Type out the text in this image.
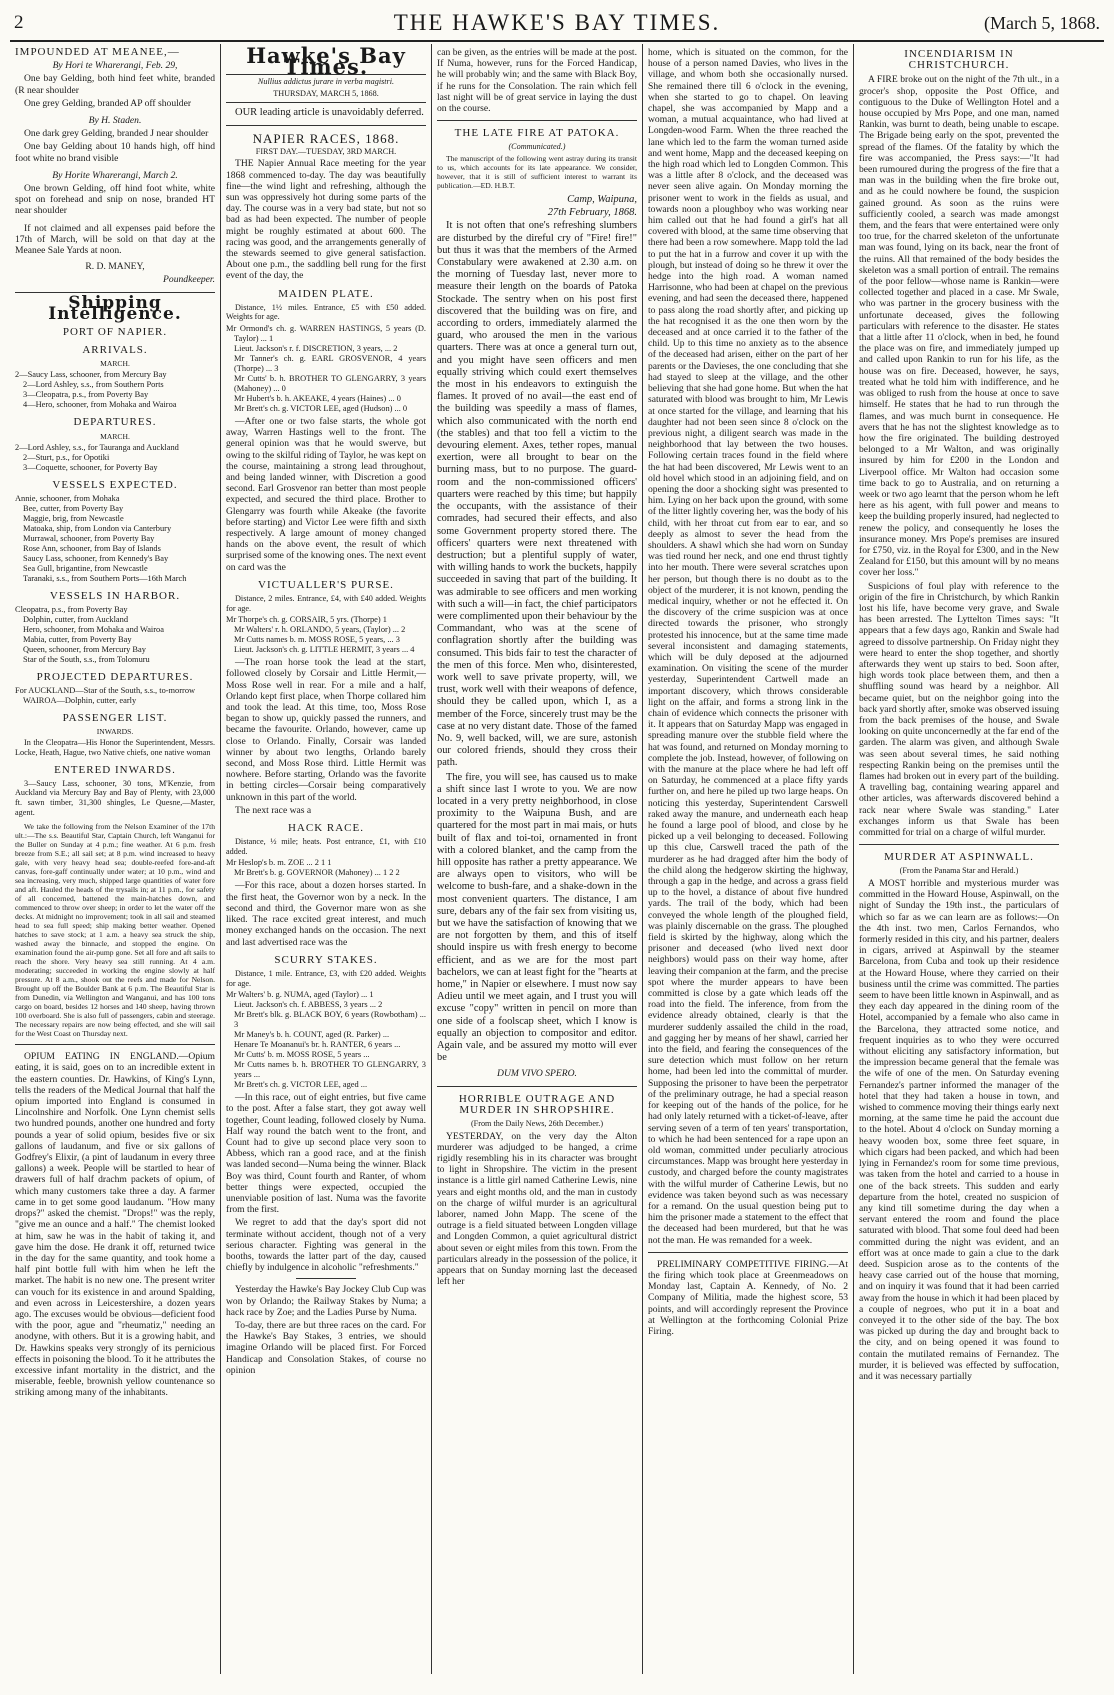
2	THE HAWKE'S BAY TIMES.	(March 5, 1868.

IMPOUNDED AT MEANEE,—

By Hori te Wharerangi, Feb. 29,

One bay Gelding, both hind feet white, branded (R near shoulder

One grey Gelding, branded AP off shoulder

By H. Staden.

One dark grey Gelding, branded J near shoulder

One bay Gelding about 10 hands high, off hind foot white no brand visible

By Horite Wharerangi, March 2.

One brown Gelding, off hind foot white, white spot on forehead and snip on nose, branded HT near shoulder

If not claimed and all expenses paid before the 17th of March, will be sold on that day at the Meanee Sale Yards at noon.

R. D. MANEY,

Poundkeeper.

Shipping Intelligence.
PORT OF NAPIER.
ARRIVALS.

MARCH.

2—Saucy Lass, schooner, from Mercury Bay
2—Lord Ashley, s.s., from Southern Ports
3—Cleopatra, p.s., from Poverty Bay
4—Hero, schooner, from Mohaka and Wairoa

DEPARTURES.

MARCH.

2—Lord Ashley, s.s., for Tauranga and Auckland
2—Sturt, p.s., for Opotiki
3—Coquette, schooner, for Poverty Bay

VESSELS EXPECTED.

Annie, schooner, from Mohaka
Bee, cutter, from Poverty Bay
Maggie, brig, from Newcastle
Matoaka, ship, from London via Canterbury
Murrawal, schooner, from Poverty Bay
Rose Ann, schooner, from Bay of Islands
Saucy Lass, schooner, from Kennedy's Bay
Sea Gull, brigantine, from Newcastle
Taranaki, s.s., from Southern Ports—16th March

VESSELS IN HARBOR.

Cleopatra, p.s., from Poverty Bay
Dolphin, cutter, from Auckland
Hero, schooner, from Mohaka and Wairoa
Mabia, cutter, from Poverty Bay
Queen, schooner, from Mercury Bay
Star of the South, s.s., from Tolomuru

PROJECTED DEPARTURES.

For AUCKLAND—Star of the South, s.s., to-morrow
WAIROA—Dolphin, cutter, early

PASSENGER LIST.

INWARDS.

In the Cleopatra—His Honor the Superintendent, Messrs. Locke, Heath, Hague, two Native chiefs, one native woman

ENTERED INWARDS.

3—Saucy Lass, schooner, 30 tons, M'Kenzie, from Auckland via Mercury Bay and Bay of Plenty, with 23,000 ft. sawn timber, 31,300 shingles, Le Quesne,—Master, agent.

We take the following from the Nelson Examiner of the 17th ult.:—The s.s. Beautiful Star, Captain Church, left Wanganui for the Buller on Sunday at 4 p.m.; fine weather. At 6 p.m. fresh breeze from S.E.; all sail set; at 8 p.m. wind increased to heavy gale, with very heavy head sea; double-reefed fore-and-aft canvas, fore-gaff continually under water; at 10 p.m., wind and sea increasing, very much, shipped large quantities of water fore and aft. Hauled the heads of the trysails in; at 11 p.m., for safety of all concerned, battened the main-hatches down, and commenced to throw over sheep; in order to let the water off the decks. At midnight no improvement; took in all sail and steamed head to sea full speed; ship making better weather. Opened hatches to save stock; at 1 a.m. a heavy sea struck the ship, washed away the binnacle, and stopped the engine. On examination found the air-pump gone. Set all fore and aft sails to reach the shore. Very heavy sea still running. At 4 a.m. moderating; succeeded in working the engine slowly at half pressure. At 8 a.m., shook out the reefs and made for Nelson. Brought up off the Boulder Bank at 6 p.m. The Beautiful Star is from Dunedin, via Wellington and Wanganui, and has 100 tons cargo on board, besides 12 horses and 140 sheep, having thrown 100 overboard. She is also full of passengers, cabin and steerage. The necessary repairs are now being effected, and she will sail for the West Coast on Thursday next.

OPIUM EATING IN ENGLAND.—Opium eating, it is said, goes on to an incredible extent in the eastern counties. Dr. Hawkins, of King's Lynn, tells the readers of the Medical Journal that half the opium imported into England is consumed in Lincolnshire and Norfolk. One Lynn chemist sells two hundred pounds, another one hundred and forty pounds a year of solid opium, besides five or six gallons of laudanum, and five or six gallons of Godfrey's Elixir, (a pint of laudanum in every three gallons) a week. People will be startled to hear of drawers full of half drachm packets of opium, of which many customers take three a day. A farmer came in to get some good laudanum. "How many drops?" asked the chemist. "Drops!" was the reply, "give me an ounce and a half." The chemist looked at him, saw he was in the habit of taking it, and gave him the dose. He drank it off, returned twice in the day for the same quantity, and took home a half pint bottle full with him when he left the market. The habit is no new one. The present writer can vouch for its existence in and around Spalding, and even across in Leicestershire, a dozen years ago. The excuses would be obvious—deficient food with the poor, ague and "rheumatiz," needing an anodyne, with others. But it is a growing habit, and Dr. Hawkins speaks very strongly of its pernicious effects in poisoning the blood. To it he attributes the excessive infant mortality in the district, and the miserable, feeble, brownish yellow countenance so striking among many of the inhabitants.

Hawke's Bay Times.

Nullius addictus jurare in verba magistri.

THURSDAY, MARCH 5, 1868.

OUR leading article is unavoidably deferred.

NAPIER RACES, 1868.

FIRST DAY.—TUESDAY, 3RD MARCH.

THE Napier Annual Race meeting for the year 1868 commenced to-day. The day was beautifully fine—the wind light and refreshing, although the sun was oppressively hot during some parts of the day. The course was in a very bad state, but not so bad as had been expected. The number of people might be roughly estimated at about 600. The racing was good, and the arrangements generally of the stewards seemed to give general satisfaction. About one p.m., the saddling bell rung for the first event of the day, the

MAIDEN PLATE.

Distance, 1½ miles. Entrance, £5 with £50 added. Weights for age.

Mr Ormond's ch. g. WARREN HASTINGS, 5 years (D. Taylor) ... 1
Lieut. Jackson's r. f. DISCRETION, 3 years, ... 2
Mr Tanner's ch. g. EARL GROSVENOR, 4 years (Thorpe) ... 3
Mr Cutts' b. h. BROTHER TO GLENGARRY, 3 years (Mahoney) ... 0
Mr Hubert's b. h. AKEAKE, 4 years (Haines) ... 0
Mr Brett's ch. g. VICTOR LEE, aged (Hudson) ... 0

—After one or two false starts, the whole got away, Warren Hastings well to the front. The general opinion was that he would swerve, but owing to the skilful riding of Taylor, he was kept on the course, maintaining a strong lead throughout, and being landed winner, with Discretion a good second. Earl Grosvenor ran better than most people expected, and secured the third place. Brother to Glengarry was fourth while Akeake (the favorite before starting) and Victor Lee were fifth and sixth respectively. A large amount of money changed hands on the above event, the result of which surprised some of the knowing ones. The next event on card was the

VICTUALLER'S PURSE.

Distance, 2 miles. Entrance, £4, with £40 added. Weights for age.

Mr Thorpe's ch. g. CORSAIR, 5 yrs. (Thorpe) 1
Mr Walters' r. h. ORLANDO, 5 years, (Taylor) ... 2
Mr Cutts names b. m. MOSS ROSE, 5 years, ... 3
Lieut. Jackson's ch. g. LITTLE HERMIT, 3 years ... 4

—The roan horse took the lead at the start, followed closely by Corsair and Little Hermit,—Moss Rose well in rear. For a mile and a half, Orlando kept first place, when Thorpe collared him and took the lead. At this time, too, Moss Rose began to show up, quickly passed the runners, and became the favourite. Orlando, however, came up close to Orlando. Finally, Corsair was landed winner by about two lengths, Orlando barely second, and Moss Rose third. Little Hermit was nowhere. Before starting, Orlando was the favorite in betting circles—Corsair being comparatively unknown in this part of the world.

The next race was a

HACK RACE.

Distance, ½ mile; heats. Post entrance, £1, with £10 added.

Mr Heslop's b. m. ZOE ... 2 1 1
Mr Brett's b. g. GOVERNOR (Mahoney) ... 1 2 2

—For this race, about a dozen horses started. In the first heat, the Governor won by a neck. In the second and third, the Governor mare won as she liked. The race excited great interest, and much money exchanged hands on the occasion. The next and last advertised race was the

SCURRY STAKES.

Distance, 1 mile. Entrance, £3, with £20 added. Weights for age.

Mr Walters' b. g. NUMA, aged (Taylor) ... 1
Lieut. Jackson's ch. f. ABBESS, 3 years ... 2
Mr Brett's blk. g. BLACK BOY, 6 years (Rowbotham) ... 3
Mr Maney's b. h. COUNT, aged (R. Parker) ...
Henare Te Moananui's br. h. RANTER, 6 years ...
Mr Cutts' b. m. MOSS ROSE, 5 years ...
Mr Cutts names b. h. BROTHER TO GLENGARRY, 3 years ...
Mr Brett's ch. g. VICTOR LEE, aged ...

—In this race, out of eight entries, but five came to the post. After a false start, they got away well together, Count leading, followed closely by Numa. Half way round the batch went to the front, and Count had to give up second place very soon to Abbess, which ran a good race, and at the finish was landed second—Numa being the winner. Black Boy was third, Count fourth and Ranter, of whom better things were expected, occupied the unenviable position of last. Numa was the favorite from the first.

We regret to add that the day's sport did not terminate without accident, though not of a very serious character. Fighting was general in the booths, towards the latter part of the day, caused chiefly by indulgence in alcoholic "refreshments."

Yesterday the Hawke's Bay Jockey Club Cup was won by Orlando; the Railway Stakes by Numa; a hack race by Zoe; and the Ladies Purse by Numa.

To-day, there are but three races on the card. For the Hawke's Bay Stakes, 3 entries, we should imagine Orlando will be placed first. For Forced Handicap and Consolation Stakes, of course no opinion

can be given, as the entries will be made at the post. If Numa, however, runs for the Forced Handicap, he will probably win; and the same with Black Boy, if he runs for the Consolation. The rain which fell last night will be of great service in laying the dust on the course.

THE LATE FIRE AT PATOKA.

(Communicated.)

The manuscript of the following went astray during its transit to us, which accounts for its late appearance. We consider, however, that it is still of sufficient interest to warrant its publication.—ED. H.B.T.

Camp, Waipuna,

27th February, 1868.

It is not often that one's refreshing slumbers are disturbed by the direful cry of "Fire! fire!" but thus it was that the members of the Armed Constabulary were awakened at 2.30 a.m. on the morning of Tuesday last, never more to measure their length on the boards of Patoka Stockade. The sentry when on his post first discovered that the building was on fire, and according to orders, immediately alarmed the guard, who aroused the men in the various quarters. There was at once a general turn out, and you might have seen officers and men equally striving which could exert themselves the most in his endeavors to extinguish the flames. It proved of no avail—the east end of the building was speedily a mass of flames, which also communicated with the north end (the stables) and that too fell a victim to the devouring element. Axes, tether ropes, manual exertion, were all brought to bear on the burning mass, but to no purpose. The guard-room and the non-commissioned officers' quarters were reached by this time; but happily the occupants, with the assistance of their comrades, had secured their effects, and also some Government property stored there. The officers' quarters were next threatened with destruction; but a plentiful supply of water, with willing hands to work the buckets, happily succeeded in saving that part of the building. It was admirable to see officers and men working with such a will—in fact, the chief participators were complimented upon their behaviour by the Commandant, who was at the scene of conflagration shortly after the building was consumed. This bids fair to test the character of the men of this force. Men who, disinterested, work well to save private property, will, we trust, work well with their weapons of defence, should they be called upon, which I, as a member of the Force, sincerely trust may be the case at no very distant date. Those of the famed No. 9, well backed, will, we are sure, astonish our colored friends, should they cross their path.

The fire, you will see, has caused us to make a shift since last I wrote to you. We are now located in a very pretty neighborhood, in close proximity to the Waipuna Bush, and are quartered for the most part in mai mais, or huts built of flax and toi-toi, ornamented in front with a colored blanket, and the camp from the hill opposite has rather a pretty appearance. We are always open to visitors, who will be welcome to bush-fare, and a shake-down in the most convenient quarters. The distance, I am sure, debars any of the fair sex from visiting us, but we have the satisfaction of knowing that we are not forgotten by them, and this of itself should inspire us with fresh energy to become efficient, and as we are for the most part bachelors, we can at least fight for the "hearts at home," in Napier or elsewhere. I must now say Adieu until we meet again, and I trust you will excuse "copy" written in pencil on more than one side of a foolscap sheet, which I know is equally an objection to compositor and editor. Again vale, and be assured my motto will ever be

DUM VIVO SPERO.

HORRIBLE OUTRAGE AND MURDER IN SHROPSHIRE.

(From the Daily News, 26th December.)

YESTERDAY, on the very day the Alton murderer was adjudged to be hanged, a crime rigidly resembling his in its character was brought to light in Shropshire. The victim in the present instance is a little girl named Catherine Lewis, nine years and eight months old, and the man in custody on the charge of wilful murder is an agricultural laborer, named John Mapp. The scene of the outrage is a field situated between Longden village and Longden Common, a quiet agricultural district about seven or eight miles from this town. From the particulars already in the possession of the police, it appears that on Sunday morning last the deceased left her

home, which is situated on the common, for the house of a person named Davies, who lives in the village, and whom both she occasionally nursed. She remained there till 6 o'clock in the evening, when she started to go to chapel. On leaving chapel, she was accompanied by Mapp and a woman, a mutual acquaintance, who had lived at Longden-wood Farm. When the three reached the lane which led to the farm the woman turned aside and went home, Mapp and the deceased keeping on the high road which led to Longden Common. This was a little after 8 o'clock, and the deceased was never seen alive again. On Monday morning the prisoner went to work in the fields as usual, and towards noon a ploughboy who was working near him called out that he had found a girl's hat all covered with blood, at the same time observing that there had been a row somewhere. Mapp told the lad to put the hat in a furrow and cover it up with the plough, but instead of doing so he threw it over the hedge into the high road. A woman named Harrisonne, who had been at chapel on the previous evening, and had seen the deceased there, happened to pass along the road shortly after, and picking up the hat recognised it as the one then worn by the deceased and at once carried it to the father of the child. Up to this time no anxiety as to the absence of the deceased had arisen, either on the part of her parents or the Davieses, the one concluding that she had stayed to sleep at the village, and the other believing that she had gone home. But when the hat saturated with blood was brought to him, Mr Lewis at once started for the village, and learning that his daughter had not been seen since 8 o'clock on the previous night, a diligent search was made in the neighborhood that lay between the two houses. Following certain traces found in the field where the hat had been discovered, Mr Lewis went to an old hovel which stood in an adjoining field, and on opening the door a shocking sight was presented to him. Lying on her back upon the ground, with some of the litter lightly covering her, was the body of his child, with her throat cut from ear to ear, and so deeply as almost to sever the head from the shoulders. A shawl which she had worn on Sunday was tied round her neck, and one end thrust tightly into her mouth. There were several scratches upon her person, but though there is no doubt as to the object of the murderer, it is not known, pending the medical inquiry, whether or not he effected it. On the discovery of the crime suspicion was at once directed towards the prisoner, who strongly protested his innocence, but at the same time made several inconsistent and damaging statements, which will be duly deposed at the adjourned examination. On visiting the scene of the murder yesterday, Superintendent Cartwell made an important discovery, which throws considerable light on the affair, and forms a strong link in the chain of evidence which connects the prisoner with it. It appears that on Saturday Mapp was engaged in spreading manure over the stubble field where the hat was found, and returned on Monday morning to complete the job. Instead, however, of following on with the manure at the place where he had left off on Saturday, he commenced at a place fifty yards further on, and here he piled up two large heaps. On noticing this yesterday, Superintendent Carswell raked away the manure, and underneath each heap he found a large pool of blood, and close by he picked up a veil belonging to deceased. Following up this clue, Carswell traced the path of the murderer as he had dragged after him the body of the child along the hedgerow skirting the highway, through a gap in the hedge, and across a grass field up to the hovel, a distance of about five hundred yards. The trail of the body, which had been conveyed the whole length of the ploughed field, was plainly discernable on the grass. The ploughed field is skirted by the highway, along which the prisoner and deceased (who lived next door neighbors) would pass on their way home, after leaving their companion at the farm, and the precise spot where the murder appears to have been committed is close by a gate which leads off the road into the field. The inference, from from the evidence already obtained, clearly is that the murderer suddenly assailed the child in the road, and gagging her by means of her shawl, carried her into the field, and fearing the consequences of the sure detection which must follow on her return home, had been led into the committal of murder. Supposing the prisoner to have been the perpetrator of the preliminary outrage, he had a special reason for keeping out of the hands of the police, for he had only lately returned with a ticket-of-leave, after serving seven of a term of ten years' transportation, to which he had been sentenced for a rape upon an old woman, committed under peculiarly atrocious circumstances. Mapp was brought here yesterday in custody, and charged before the county magistrates with the wilful murder of Catherine Lewis, but no evidence was taken beyond such as was necessary for a remand. On the usual question being put to him the prisoner made a statement to the effect that the deceased had been murdered, but that he was not the man. He was remanded for a week.

PRELIMINARY COMPETITIVE FIRING.—At the firing which took place at Greenmeadows on Monday last, Captain A. Kennedy, of No. 2 Company of Militia, made the highest score, 53 points, and will accordingly represent the Province at Wellington at the forthcoming Colonial Prize Firing.

INCENDIARISM IN CHRISTCHURCH.

A FIRE broke out on the night of the 7th ult., in a grocer's shop, opposite the Post Office, and contiguous to the Duke of Wellington Hotel and a house occupied by Mrs Pope, and one man, named Rankin, was burnt to death, being unable to escape. The Brigade being early on the spot, prevented the spread of the flames. Of the fatality by which the fire was accompanied, the Press says:—"It had been rumoured during the progress of the fire that a man was in the building when the fire broke out, and as he could nowhere be found, the suspicion gained ground. As soon as the ruins were sufficiently cooled, a search was made amongst them, and the fears that were entertained were only too true, for the charred skeleton of the unfortunate man was found, lying on its back, near the front of the ruins. All that remained of the body besides the skeleton was a small portion of entrail. The remains of the poor fellow—whose name is Rankin—were collected together and placed in a case. Mr Swale, who was partner in the grocery business with the unfortunate deceased, gives the following particulars with reference to the disaster. He states that a little after 11 o'clock, when in bed, he found the place was on fire, and immediately jumped up and called upon Rankin to run for his life, as the house was on fire. Deceased, however, he says, treated what he told him with indifference, and he was obliged to rush from the house at once to save himself. He states that he had to run through the flames, and was much burnt in consequence. He avers that he has not the slightest knowledge as to how the fire originated. The building destroyed belonged to a Mr Walton, and was originally insured by him for £200 in the London and Liverpool office. Mr Walton had occasion some time back to go to Australia, and on returning a week or two ago learnt that the person whom he left here as his agent, with full power and means to keep the building properly insured, had neglected to renew the policy, and consequently he loses the insurance money. Mrs Pope's premises are insured for £750, viz. in the Royal for £300, and in the New Zealand for £150, but this amount will by no means cover her loss."

Suspicions of foul play with reference to the origin of the fire in Christchurch, by which Rankin lost his life, have become very grave, and Swale has been arrested. The Lyttelton Times says: "It appears that a few days ago, Rankin and Swale had agreed to dissolve partnership. On Friday night they were heard to enter the shop together, and shortly afterwards they went up stairs to bed. Soon after, high words took place between them, and then a shuffling sound was heard by a neighbor. All became quiet, but on the neighbor going into the back yard shortly after, smoke was observed issuing from the back premises of the house, and Swale looking on quite unconcernedly at the far end of the garden. The alarm was given, and although Swale was seen about several times, he said nothing respecting Rankin being on the premises until the flames had broken out in every part of the building. A travelling bag, containing wearing apparel and other articles, was afterwards discovered behind a rack near where Swale was standing." Later exchanges inform us that Swale has been committed for trial on a charge of wilful murder.

MURDER AT ASPINWALL.

(From the Panama Star and Herald.)

A MOST horrible and mysterious murder was committed in the Howard House, Aspinwall, on the night of Sunday the 19th inst., the particulars of which so far as we can learn are as follows:—On the 4th inst. two men, Carlos Fernandos, who formerly resided in this city, and his partner, dealers in cigars, arrived at Aspinwall by the steamer Barcelona, from Cuba and took up their residence at the Howard House, where they carried on their business until the crime was committed. The parties seem to have been little known in Aspinwall, and as they each day appeared in the dining room of the Hotel, accompanied by a female who also came in the Barcelona, they attracted some notice, and frequent inquiries as to who they were occurred without eliciting any satisfactory information, but the impression became general that the female was the wife of one of the men. On Saturday evening Fernandez's partner informed the manager of the hotel that they had taken a house in town, and wished to commence moving their things early next morning, at the same time he paid the account due to the hotel. About 4 o'clock on Sunday morning a heavy wooden box, some three feet square, in which cigars had been packed, and which had been lying in Fernandez's room for some time previous, was taken from the hotel and carried to a house in one of the back streets. This sudden and early departure from the hotel, created no suspicion of any kind till sometime during the day when a servant entered the room and found the place saturated with blood. That some foul deed had been committed during the night was evident, and an effort was at once made to gain a clue to the dark deed. Suspicion arose as to the contents of the heavy case carried out of the house that morning, and on inquiry it was found that it had been carried away from the house in which it had been placed by a couple of negroes, who put it in a boat and conveyed it to the other side of the bay. The box was picked up during the day and brought back to the city, and on being opened it was found to contain the mutilated remains of Fernandez. The murder, it is believed was effected by suffocation, and it was necessary partially
